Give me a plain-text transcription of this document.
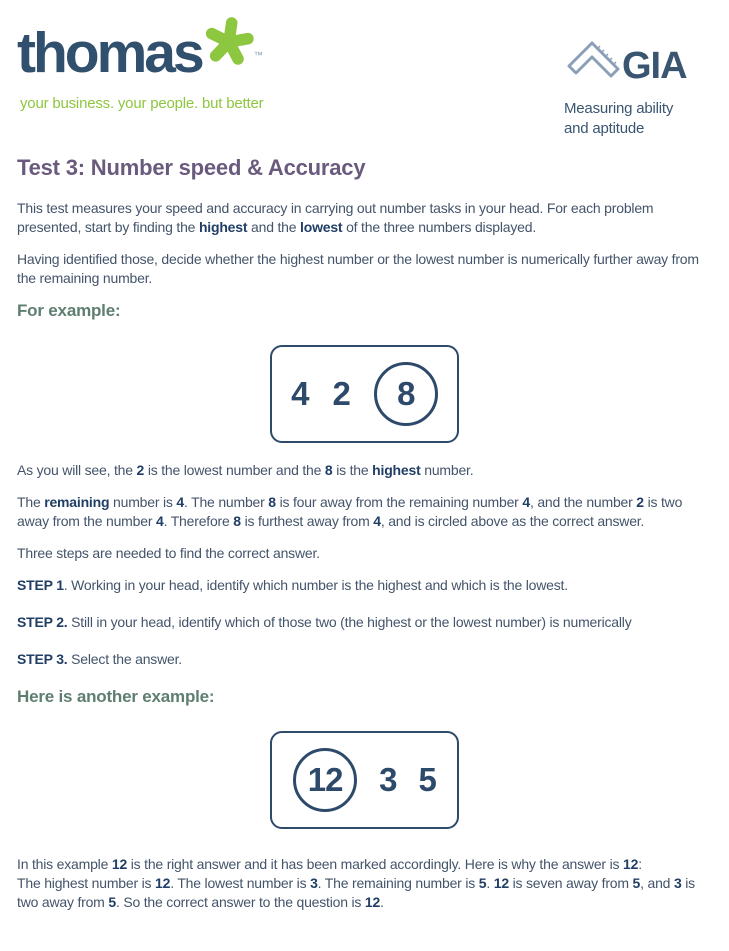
thomas	™
your business. your people. but better
GIA
Measuring ability
and aptitude
Test 3: Number speed & Accuracy

This test measures your speed and accuracy in carrying out number tasks in your head. For each problem presented, start by finding the highest and the lowest of the three numbers displayed.

Having identified those, decide whether the highest number or the lowest number is numerically further away from the remaining number.

For example:
4 2 8

As you will see, the 2 is the lowest number and the 8 is the highest number.

The remaining number is 4. The number 8 is four away from the remaining number 4, and the number 2 is two away from the number 4. Therefore 8 is furthest away from 4, and is circled above as the correct answer.

Three steps are needed to find the correct answer.

STEP 1. Working in your head, identify which number is the highest and which is the lowest.

STEP 2. Still in your head, identify which of those two (the highest or the lowest number) is numerically

STEP 3. Select the answer.

Here is another example:
12 3 5

In this example 12 is the right answer and it has been marked accordingly. Here is why the answer is 12:

The highest number is 12. The lowest number is 3. The remaining number is 5. 12 is seven away from 5, and 3 is two away from 5. So the correct answer to the question is 12.
